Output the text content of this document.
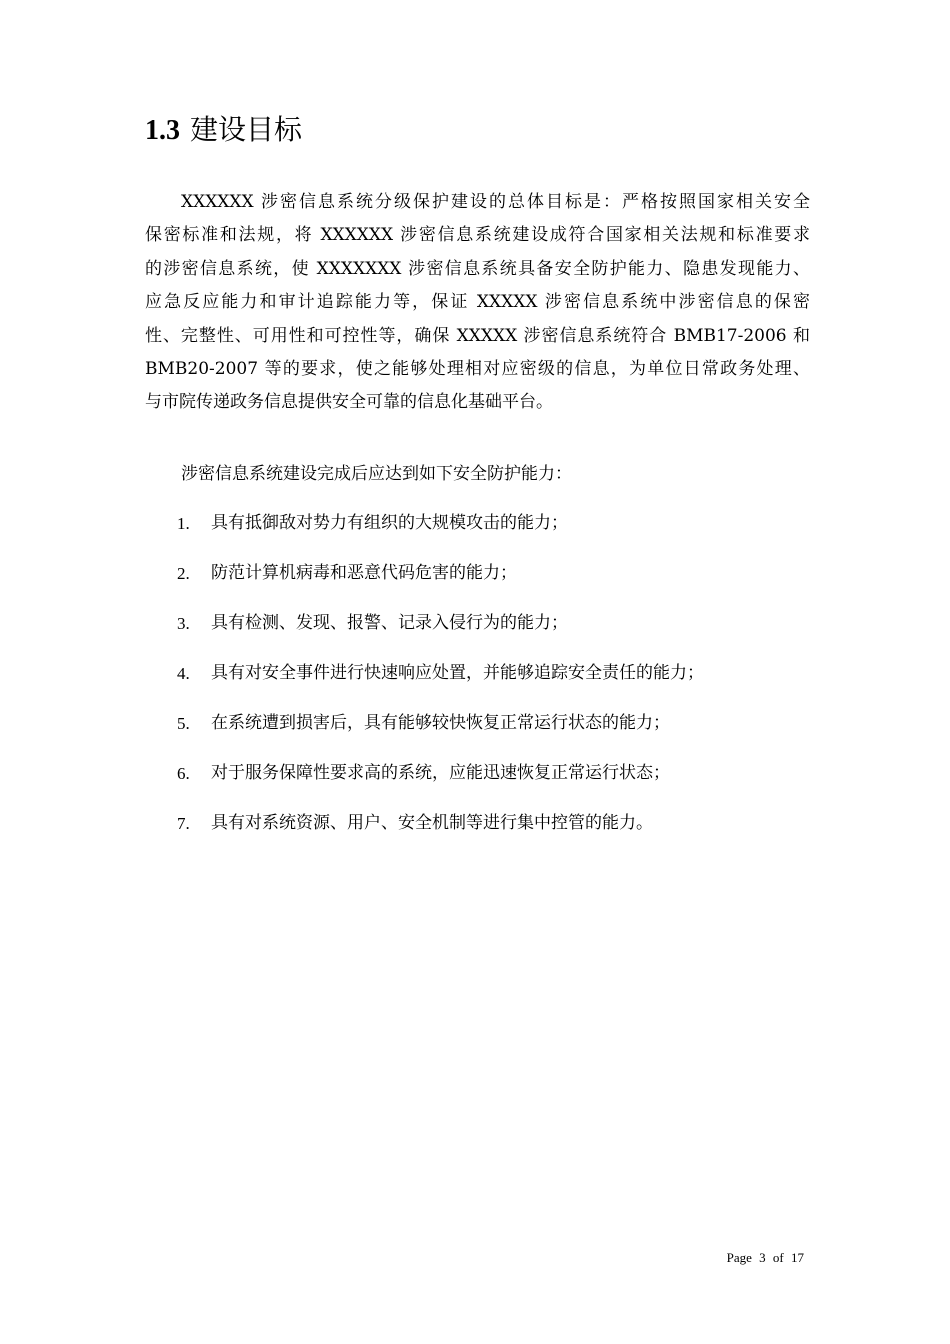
1.3 建设目标

XXXXXX 涉密信息系统分级保护建设的总体目标是：严格按照国家相关安全
保密标准和法规，将 XXXXXX 涉密信息系统建设成符合国家相关法规和标准要求
的涉密信息系统，使 XXXXXXX 涉密信息系统具备安全防护能力、隐患发现能力、
应急反应能力和审计追踪能力等，保证 XXXXX 涉密信息系统中涉密信息的保密
性、完整性、可用性和可控性等，确保 XXXXX 涉密信息系统符合 BMB17-2006 和
BMB20-2007 等的要求，使之能够处理相对应密级的信息，为单位日常政务处理、
与市院传递政务信息提供安全可靠的信息化基础平台。

涉密信息系统建设完成后应达到如下安全防护能力：

1.	具有抵御敌对势力有组织的大规模攻击的能力；
2.	防范计算机病毒和恶意代码危害的能力；
3.	具有检测、发现、报警、记录入侵行为的能力；
4.	具有对安全事件进行快速响应处置，并能够追踪安全责任的能力；
5.	在系统遭到损害后，具有能够较快恢复正常运行状态的能力；
6.	对于服务保障性要求高的系统，应能迅速恢复正常运行状态；
7.	具有对系统资源、用户、安全机制等进行集中控管的能力。
Page 3 of 17
